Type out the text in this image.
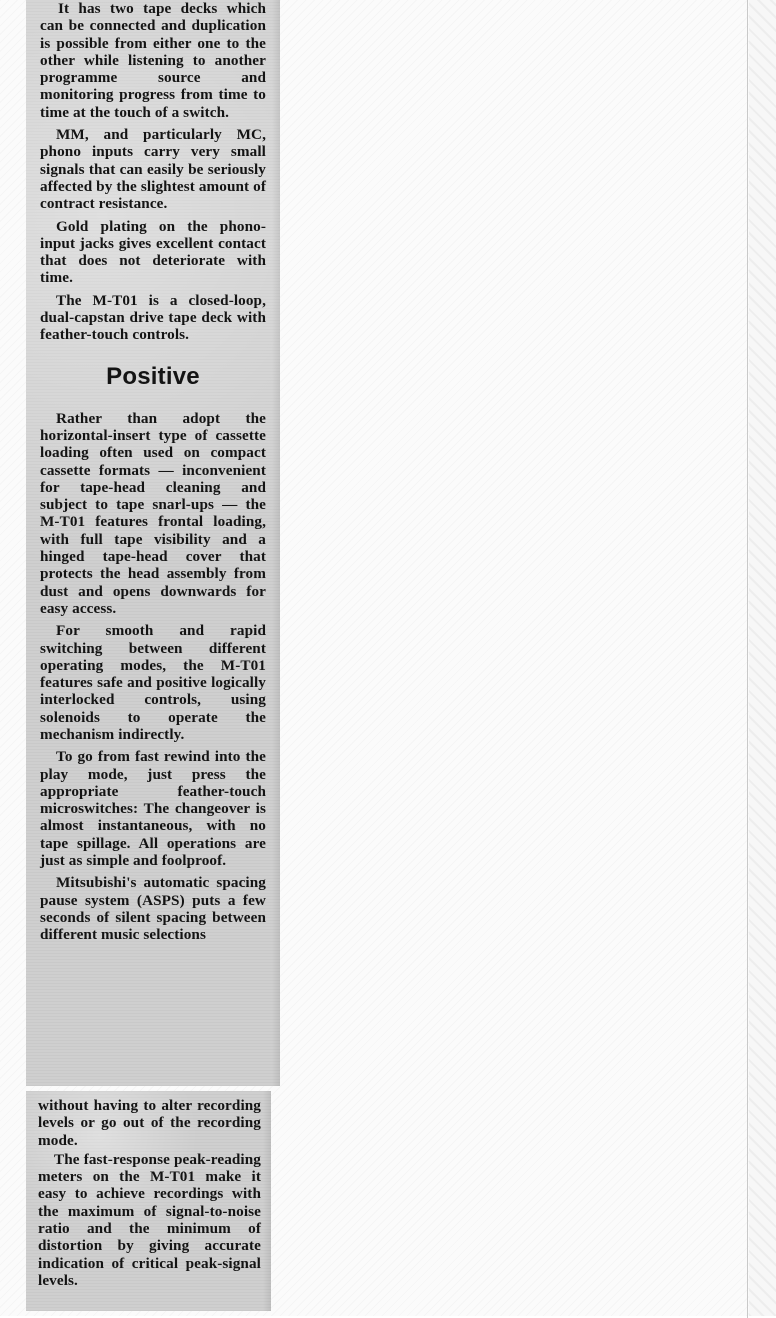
It has two tape decks which can be connected and duplication is possible from either one to the other while listening to another programme source and monitoring progress from time to time at the touch of a switch.

MM, and particularly MC, phono inputs carry very small signals that can easily be seriously affected by the slightest amount of contract resistance.

Gold plating on the phono-input jacks gives excellent contact that does not deteriorate with time.

The M-T01 is a closed-loop, dual-capstan drive tape deck with feather-touch controls.

Positive

Rather than adopt the horizontal-insert type of cassette loading often used on compact cassette formats — inconvenient for tape-head cleaning and subject to tape snarl-ups — the M-T01 features frontal loading, with full tape visibility and a hinged tape-head cover that protects the head assembly from dust and opens downwards for easy access.

For smooth and rapid switching between different operating modes, the M-T01 features safe and positive logically interlocked controls, using solenoids to operate the mechanism indirectly.

To go from fast rewind into the play mode, just press the appropriate feather-touch microswitches: The changeover is almost instantaneous, with no tape spillage. All operations are just as simple and foolproof.

Mitsubishi's automatic spacing pause system (ASPS) puts a few seconds of silent spacing between different music selections

without having to alter recording levels or go out of the recording mode.

The fast-response peak-reading meters on the M-T01 make it easy to achieve recordings with the maximum of signal-to-noise ratio and the minimum of distortion by giving accurate indication of critical peak-signal levels.
